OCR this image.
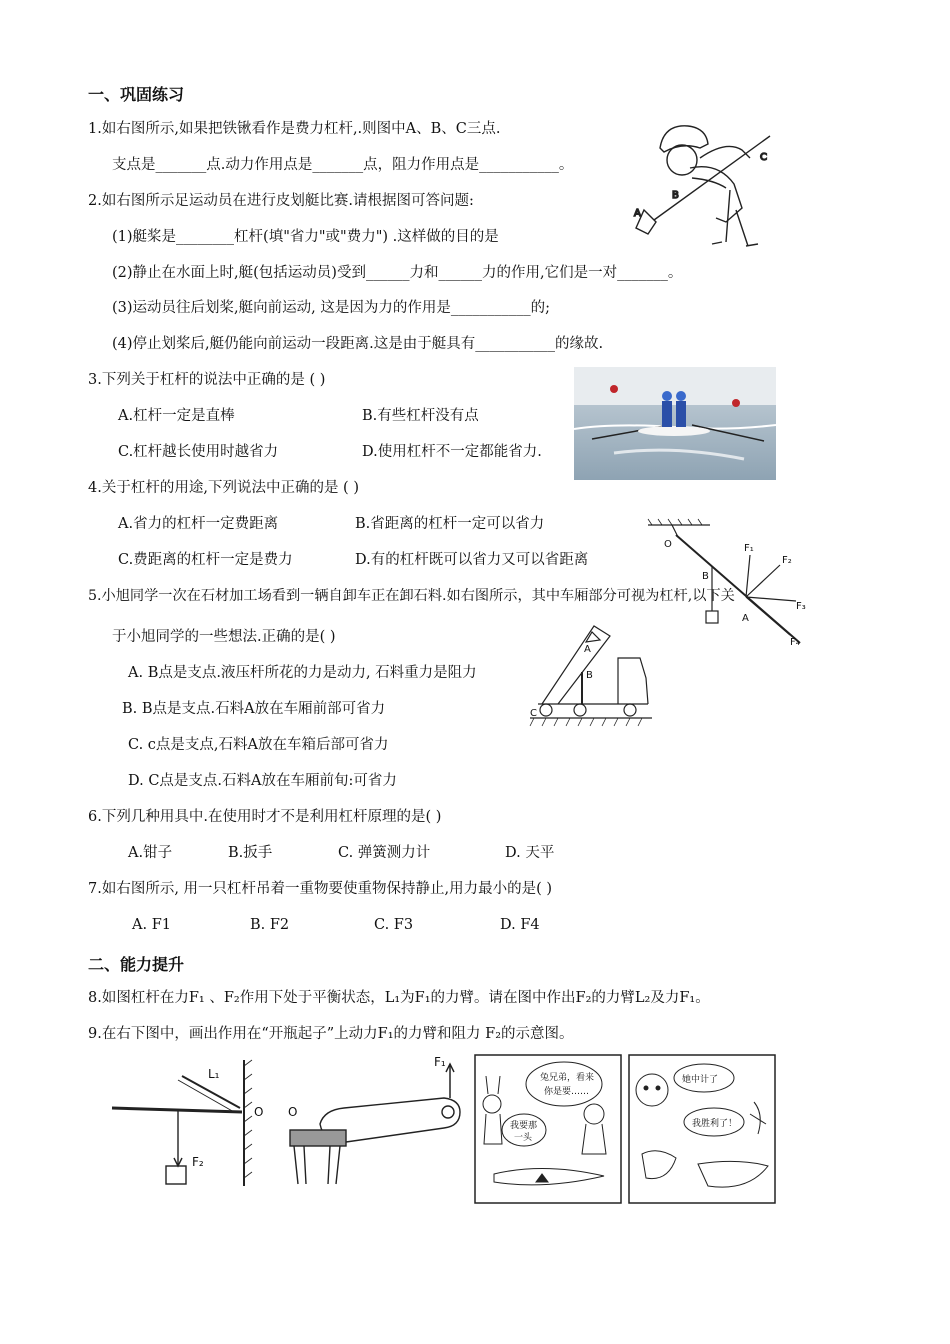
一、巩固练习
1.如右图所示,如果把铁锹看作是费力杠杆,.则图中A、B、C三点.
支点是_______点.动力作用点是_______点，阻力作用点是___________。
2.如右图所示足运动员在进行皮划艇比赛.请根据图可答问题:
(1)艇桨是________杠杆(填"省力"或"费力") .这样做的目的是
(2)静止在水面上时,艇(包括运动员)受到______力和______力的作用,它们是一对_______。
(3)运动员往后划桨,艇向前运动, 这是因为力的作用是___________的;
(4)停止划桨后,艇仍能向前运动一段距离.这是由于艇具有___________的缘故.
3.下列关于杠杆的说法中正确的是 ( )
A.杠杆一定是直棒	B.有些杠杆没有点
C.杠杆越长使用时越省力	D.使用杠杆不一定都能省力.
4.关于杠杆的用途,下列说法中正确的是 ( )
A.省力的杠杆一定费距离	B.省距离的杠杆一定可以省力
C.费距离的杠杆一定是费力	D.有的杠杆既可以省力又可以省距离
5.小旭同学一次在石材加工场看到一辆自卸车正在卸石料.如右图所示，其中车厢部分可视为杠杆,以下关
于小旭同学的一些想法.正确的是( )
A. B点是支点.液压杆所花的力是动力, 石料重力是阻力
B. B点是支点.石料A放在车厢前部可省力
C. c点是支点,石料A放在车箱后部可省力
D. C点是支点.石料A放在车厢前旬:可省力
6.下列几种用具中.在使用时才不是利用杠杆原理的是( )
A.钳子	B.扳手	C. 弹簧测力计	D. 天平
7.如右图所示, 用一只杠杆吊着一重物要使重物保持静止,用力最小的是( )
A. F1	B. F2	C. F3	D. F4
二、能力提升
8.如图杠杆在力F₁ 、F₂作用下处于平衡状态，L₁为F₁的力臂。请在图中作出F₂的力臂L₂及力F₁。
9.在右下图中，画出作用在“开瓶起子”上动力F₁的力臂和阻力 F₂的示意图。
A
B
C
O
B
A
F₁
F₂
F₃
F₄
A
B
C
L₁
O
F₂
F₁
O
兔兄弟，看来
你是要……
我要那
一头
她中计了
我胜利了！
